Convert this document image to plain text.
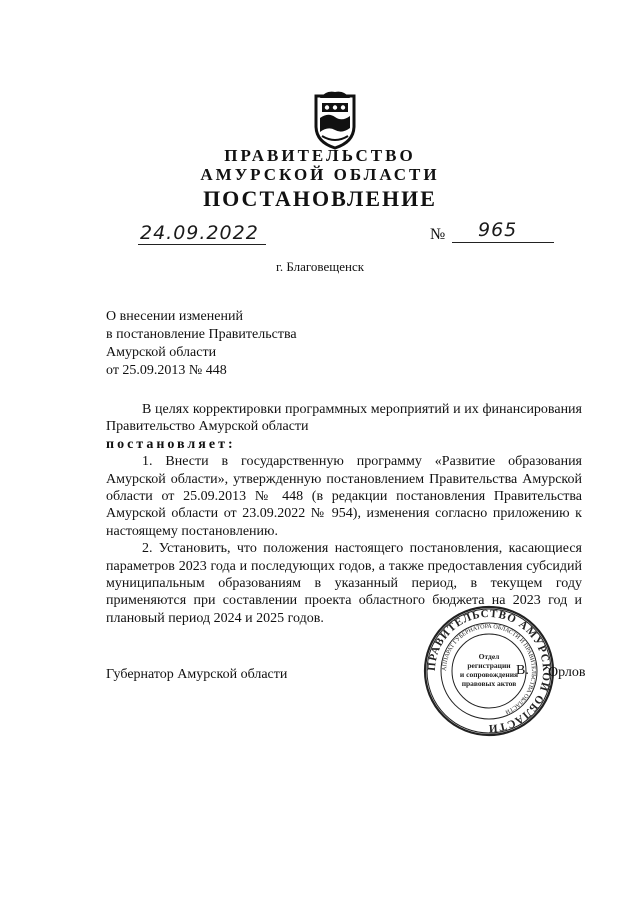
ПРАВИТЕЛЬСТВО
АМУРСКОЙ ОБЛАСТИ
ПОСТАНОВЛЕНИЕ
24.09.2022	№ 965
г. Благовещенск
О внесении изменений
в постановление Правительства
Амурской области
от 25.09.2013 № 448

В целях корректировки программных мероприятий и их финансирования Правительство Амурской области

постановляет:

1. Внести в государственную программу «Развитие образования Амурской области», утвержденную постановлением Правительства Амурской области от 25.09.2013 № 448 (в редакции постановления Правительства Амурской области от 23.09.2022 № 954), изменения согласно приложению к настоящему постановлению.

2. Установить, что положения настоящего постановления, касающиеся параметров 2023 года и последующих годов, а также предоставления субсидий муниципальным образованиям в указанный период, в текущем году применяются при составлении проекта областного бюджета на 2023 год и плановый период 2024 и 2025 годов.

Губернатор Амурской области
ПРАВИТЕЛЬСТВО АМУРСКОЙ ОБЛАСТИ
АППАРАТ ГУБЕРНАТОРА ОБЛАСТИ И ПРАВИТЕЛЬСТВА ОБЛАСТИ
Отдел
регистрации
и сопровождения
правовых актов
В. Орлов
